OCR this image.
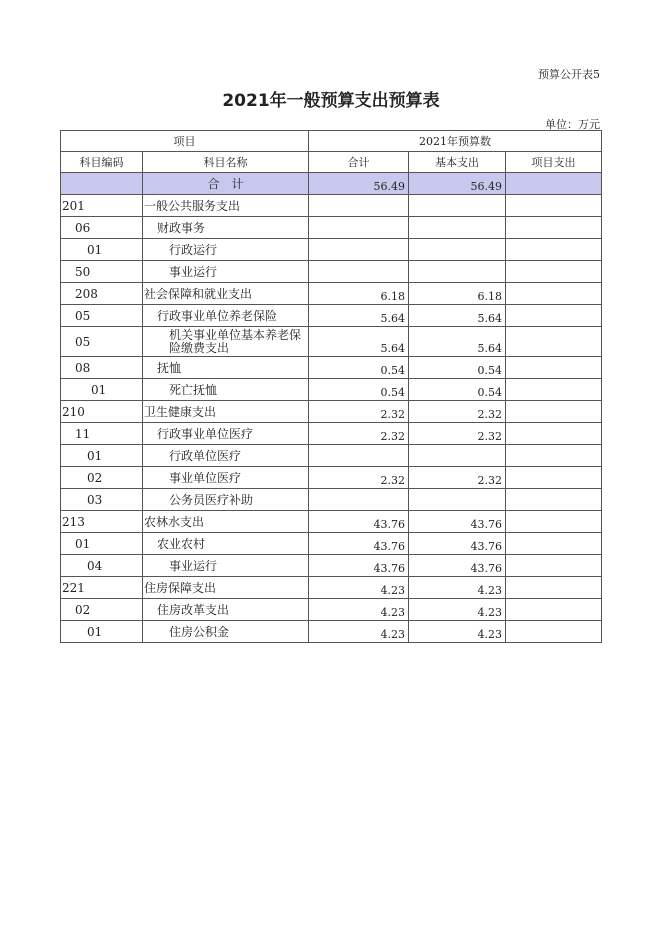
预算公开表5
2021年一般预算支出预算表
单位：万元
项目		2021年预算数		
科目编码	科目名称	合计	基本支出	项目支出
	合　计	56.49	56.49	
201	一般公共服务支出			
06	财政事务			
01	行政运行			
50	事业运行			
208	社会保障和就业支出	6.18	6.18	
05	行政事业单位养老保险	5.64	5.64	
05	机关事业单位基本养老保险缴费支出	5.64	5.64	
08	抚恤	0.54	0.54	
01	死亡抚恤	0.54	0.54	
210	卫生健康支出	2.32	2.32	
11	行政事业单位医疗	2.32	2.32	
01	行政单位医疗			
02	事业单位医疗	2.32	2.32	
03	公务员医疗补助			
213	农林水支出	43.76	43.76	
01	农业农村	43.76	43.76	
04	事业运行	43.76	43.76	
221	住房保障支出	4.23	4.23	
02	住房改革支出	4.23	4.23	
01	住房公积金	4.23	4.23	
